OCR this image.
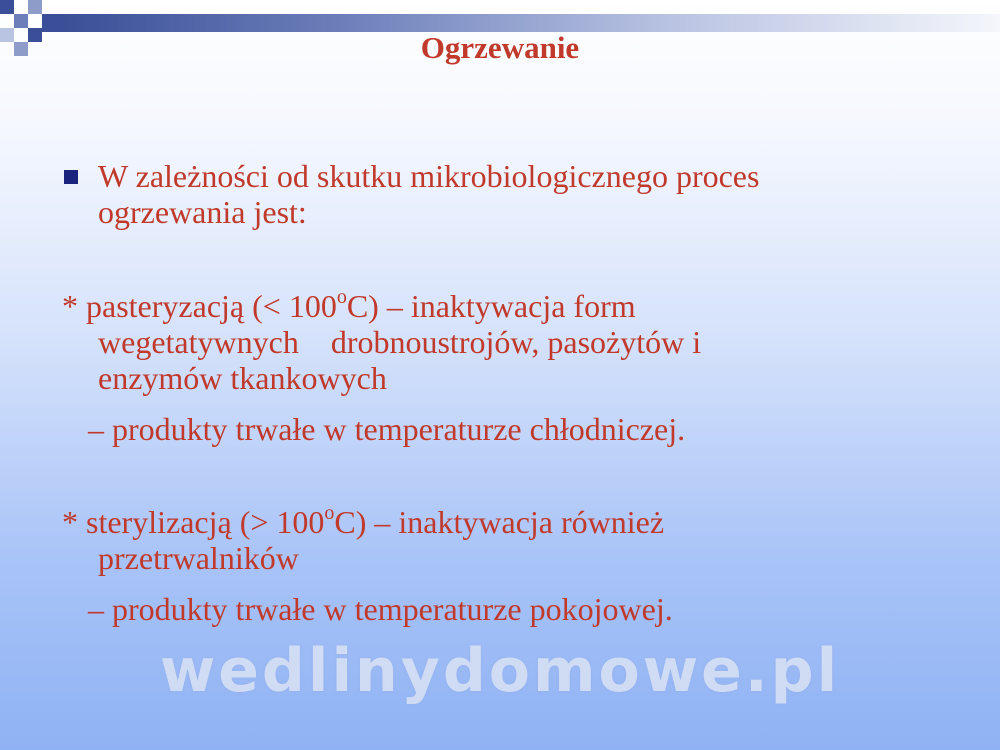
Ogrzewanie
W zależności od skutku mikrobiologicznego proces
ogrzewania jest:
* pasteryzacją (< $100^oC$) – inaktywacja form
wegetatywnych    drobnoustrojów, pasożytów i
enzymów tkankowych
– produkty trwałe w temperaturze chłodniczej.
* sterylizacją (> $100^oC$) – inaktywacja również
przetrwalników
– produkty trwałe w temperaturze pokojowej.
wedlinydomowe.pl
